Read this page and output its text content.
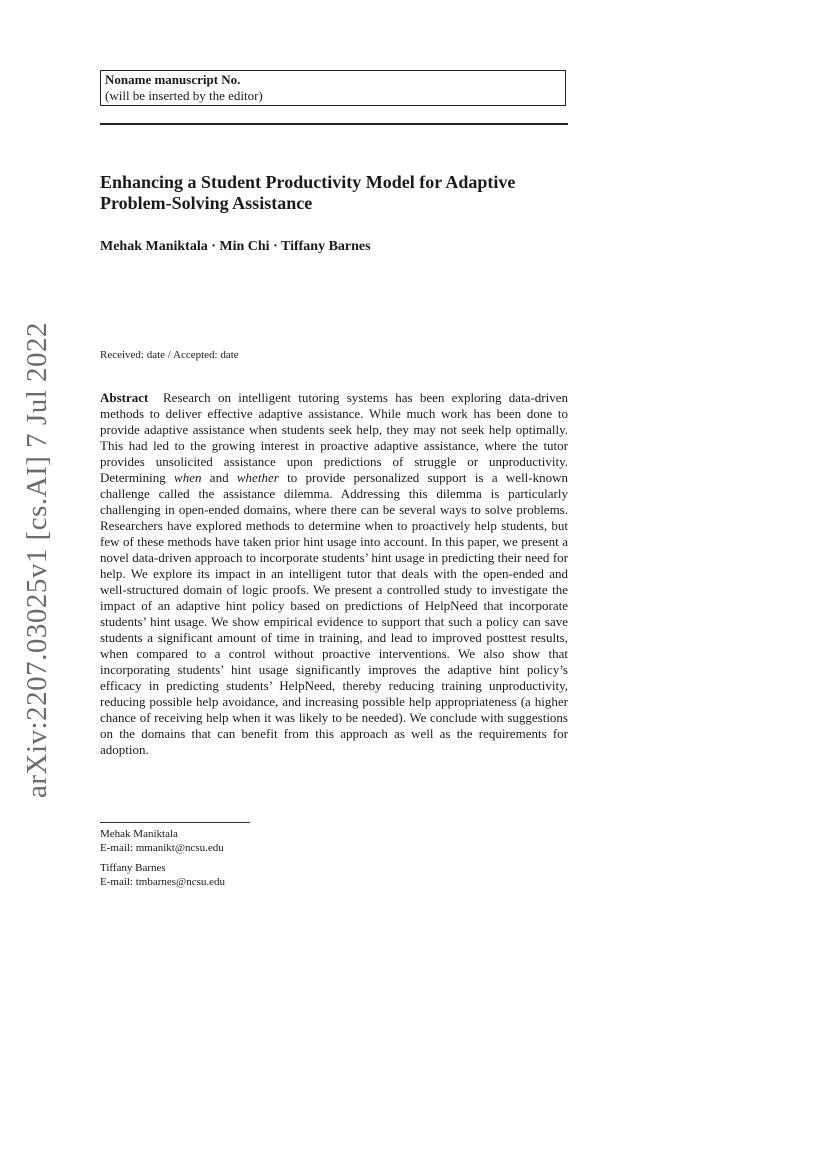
arXiv:2207.03025v1 [cs.AI] 7 Jul 2022
Noname manuscript No.
(will be inserted by the editor)
Enhancing a Student Productivity Model for Adaptive Problem-Solving Assistance

Mehak Maniktala · Min Chi · Tiffany Barnes

Received: date / Accepted: date

Abstract Research on intelligent tutoring systems has been exploring data-driven methods to deliver effective adaptive assistance. While much work has been done to provide adaptive assistance when students seek help, they may not seek help optimally. This had led to the growing interest in proactive adaptive assistance, where the tutor provides unsolicited assistance upon predictions of struggle or unproductivity. Determining when and whether to provide personalized support is a well-known challenge called the assistance dilemma. Addressing this dilemma is particularly challenging in open-ended domains, where there can be several ways to solve problems. Researchers have explored methods to determine when to proactively help students, but few of these methods have taken prior hint usage into account. In this paper, we present a novel data-driven approach to incorporate students’ hint usage in predicting their need for help. We explore its impact in an intelligent tutor that deals with the open-ended and well-structured domain of logic proofs. We present a controlled study to investigate the impact of an adaptive hint policy based on predictions of HelpNeed that incorporate students’ hint usage. We show empirical evidence to support that such a policy can save students a significant amount of time in training, and lead to improved posttest results, when compared to a control without proactive interventions. We also show that incorporating students’ hint usage significantly improves the adaptive hint policy’s efficacy in predicting students’ HelpNeed, thereby reducing training unproductivity, reducing possible help avoidance, and increasing possible help appropriateness (a higher chance of receiving help when it was likely to be needed). We conclude with suggestions on the domains that can benefit from this approach as well as the requirements for adoption.

Mehak Maniktala
E-mail: mmanikt@ncsu.edu
Tiffany Barnes
E-mail: tmbarnes@ncsu.edu
